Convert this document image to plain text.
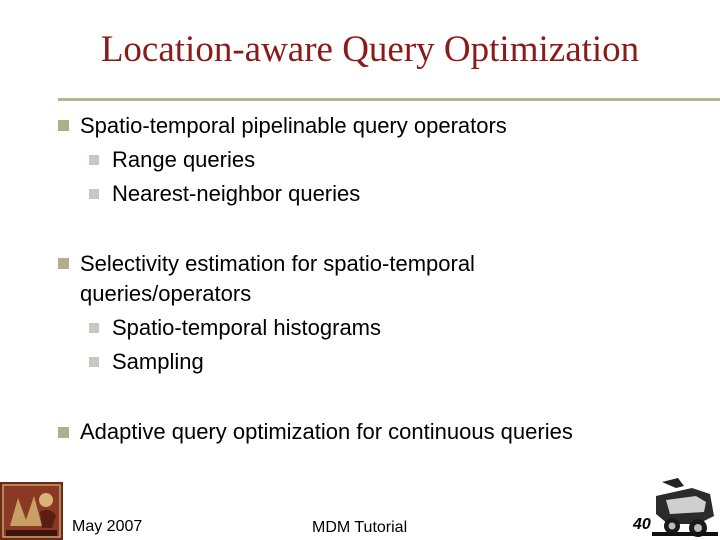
Location-aware Query Optimization
Spatio-temporal pipelinable query operators
Range queries
Nearest-neighbor queries
Selectivity estimation for spatio-temporal
queries/operators
Spatio-temporal histograms
Sampling
Adaptive query optimization for continuous queries
May 2007	MDM Tutorial	40
